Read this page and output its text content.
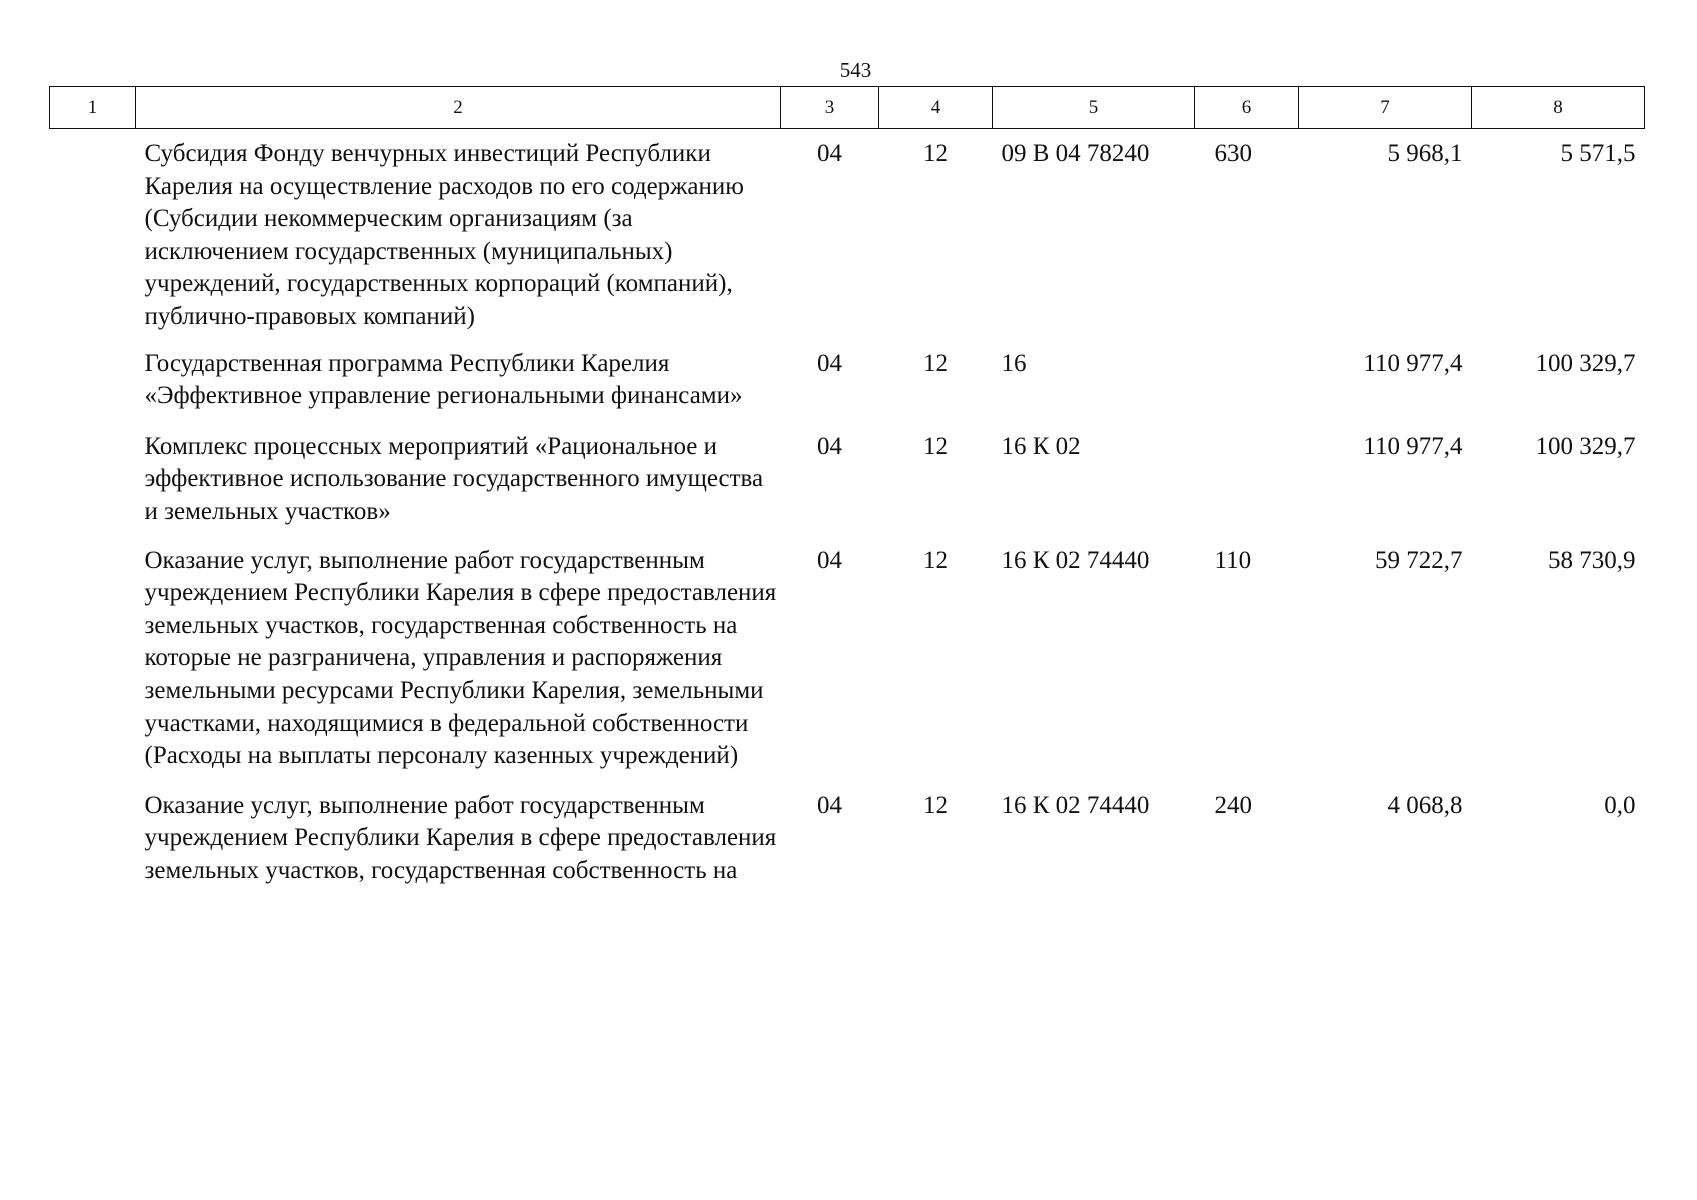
543
1	2	3	4	5	6	7	8
	Субсидия Фонду венчурных инвестиций Республики Карелия на осуществление расходов по его содержанию (Субсидии некоммерческим организациям (за исключением государственных (муниципальных) учреждений, государственных корпораций (компаний), публично-правовых компаний)	04	12	09 В 04 78240	630	5 968,1	5 571,5
	Государственная программа Республики Карелия «Эффективное управление региональными финансами»	04	12	16		110 977,4	100 329,7
	Комплекс процессных мероприятий «Рациональное и эффективное использование государственного имущества и земельных участков»	04	12	16 К 02		110 977,4	100 329,7
	Оказание услуг, выполнение работ государственным учреждением Республики Карелия в сфере предоставления земельных участков, государственная собственность на которые не разграничена, управления и распоряжения земельными ресурсами Республики Карелия, земельными участками, находящимися в федеральной собственности (Расходы на выплаты персоналу казенных учреждений)	04	12	16 К 02 74440	110	59 722,7	58 730,9
	Оказание услуг, выполнение работ государственным учреждением Республики Карелия в сфере предоставления земельных участков, государственная собственность на	04	12	16 К 02 74440	240	4 068,8	0,0
